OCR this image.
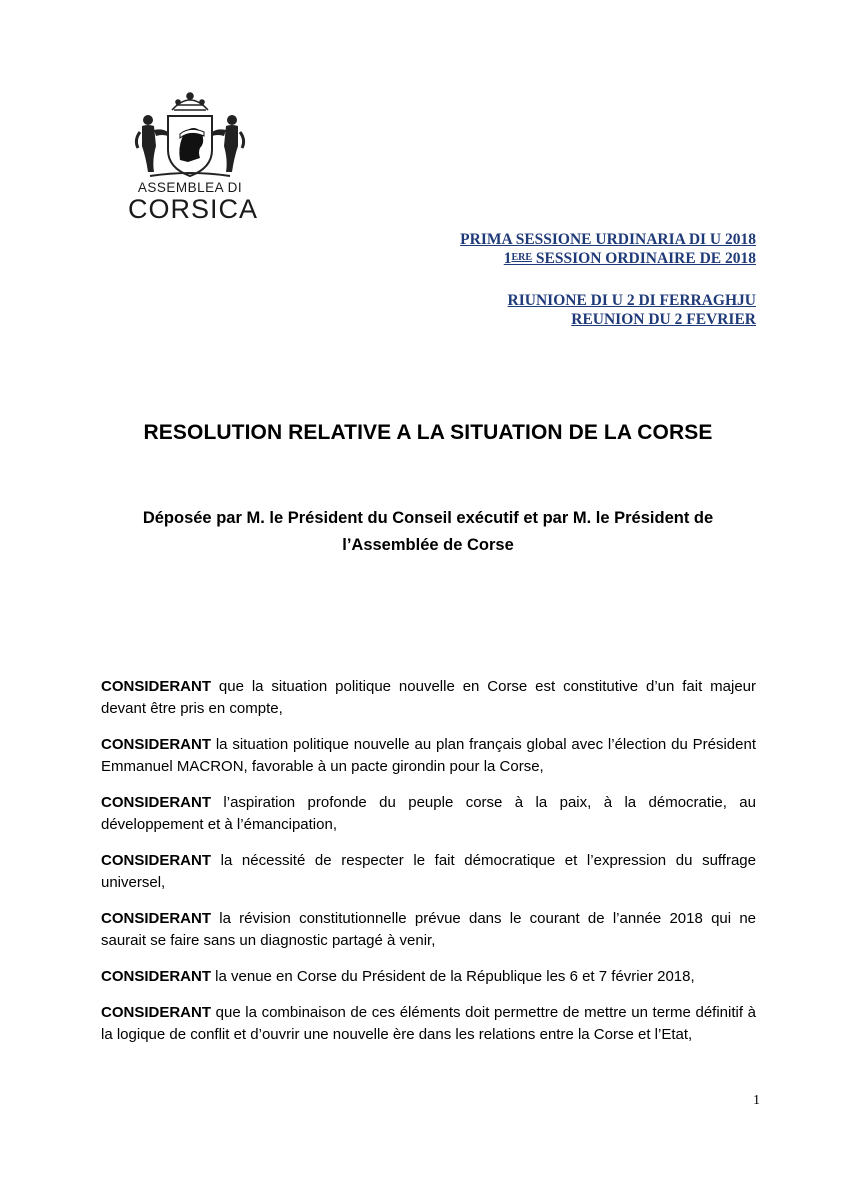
ASSEMBLEA DI
CORSICA
PRIMA SESSIONE URDINARIA DI U 2018
1ERE SESSION ORDINAIRE DE 2018
RIUNIONE DI U 2 DI FERRAGHJU
REUNION DU 2 FEVRIER
RESOLUTION RELATIVE A LA SITUATION DE LA CORSE
Déposée par M. le Président du Conseil exécutif et par M. le Président de
l’Assemblée de Corse

CONSIDERANT que la situation politique nouvelle en Corse est constitutive d’un fait majeur devant être pris en compte,

CONSIDERANT la situation politique nouvelle au plan français global avec l’élection du Président Emmanuel MACRON, favorable à un pacte girondin pour la Corse,

CONSIDERANT l’aspiration profonde du peuple corse à la paix, à la démocratie, au développement et à l’émancipation,

CONSIDERANT la nécessité de respecter le fait démocratique et l’expression du suffrage universel,

CONSIDERANT la révision constitutionnelle prévue dans le courant de l’année 2018 qui ne saurait se faire sans un diagnostic partagé à venir,

CONSIDERANT la venue en Corse du Président de la République les 6 et 7 février 2018,

CONSIDERANT que la combinaison de ces éléments doit permettre de mettre un terme définitif à la logique de conflit et d’ouvrir une nouvelle ère dans les relations entre la Corse et l’Etat,

1
